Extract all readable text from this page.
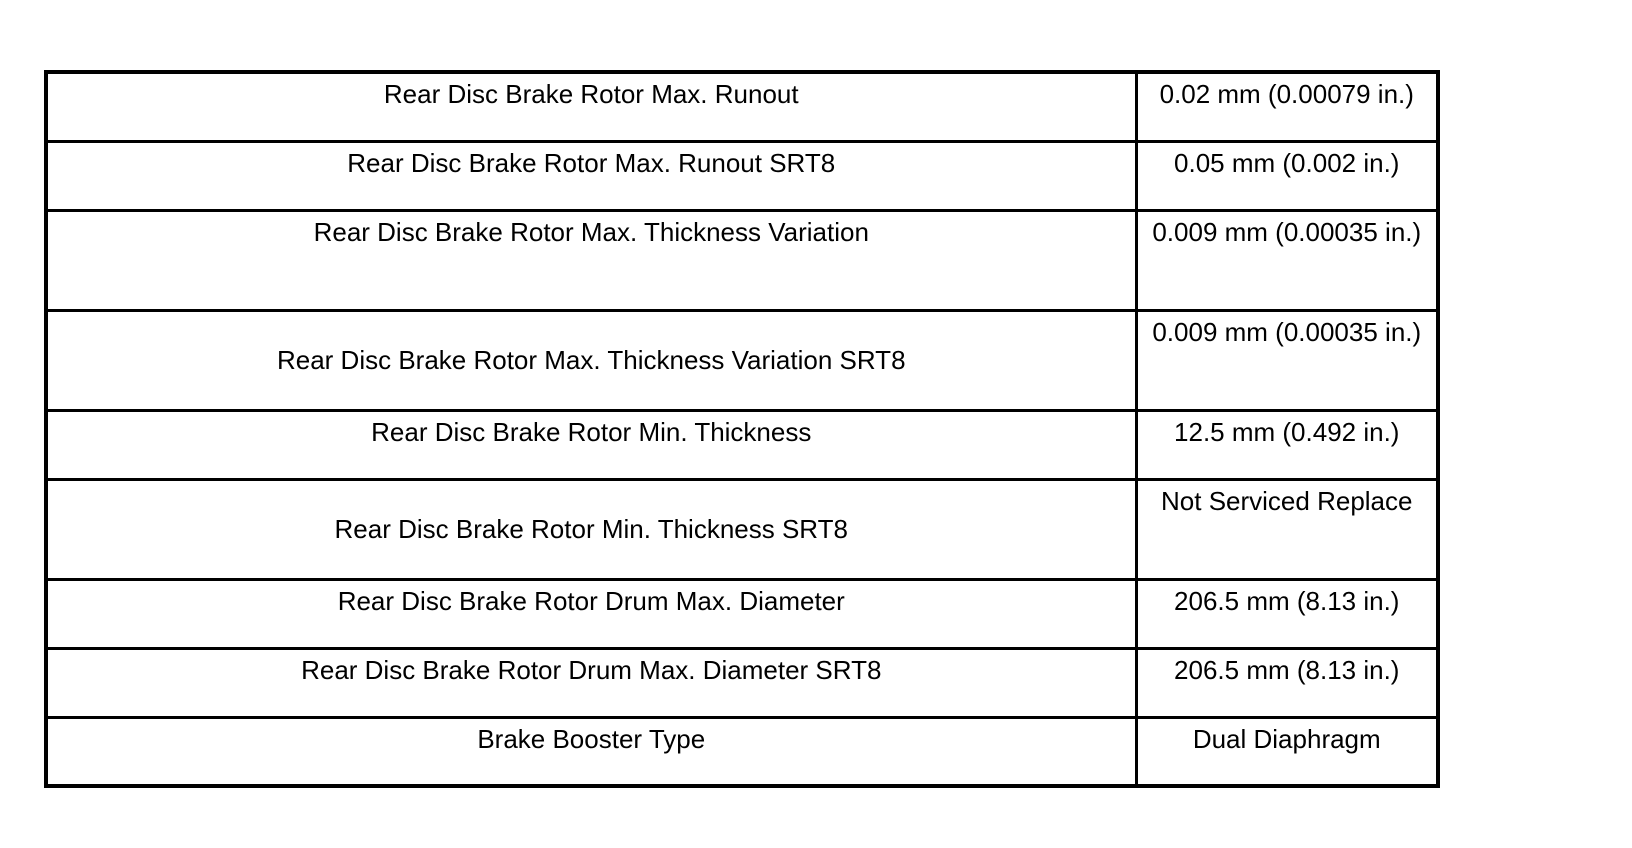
Rear Disc Brake Rotor Max. Runout	0.02 mm (0.00079 in.)
Rear Disc Brake Rotor Max. Runout SRT8	0.05 mm (0.002 in.)
Rear Disc Brake Rotor Max. Thickness Variation	0.009 mm (0.00035 in.)
Rear Disc Brake Rotor Max. Thickness Variation SRT8	0.009 mm (0.00035 in.)
Rear Disc Brake Rotor Min. Thickness	12.5 mm (0.492 in.)
Rear Disc Brake Rotor Min. Thickness SRT8	Not Serviced Replace
Rear Disc Brake Rotor Drum Max. Diameter	206.5 mm (8.13 in.)
Rear Disc Brake Rotor Drum Max. Diameter SRT8	206.5 mm (8.13 in.)
Brake Booster Type	Dual Diaphragm
